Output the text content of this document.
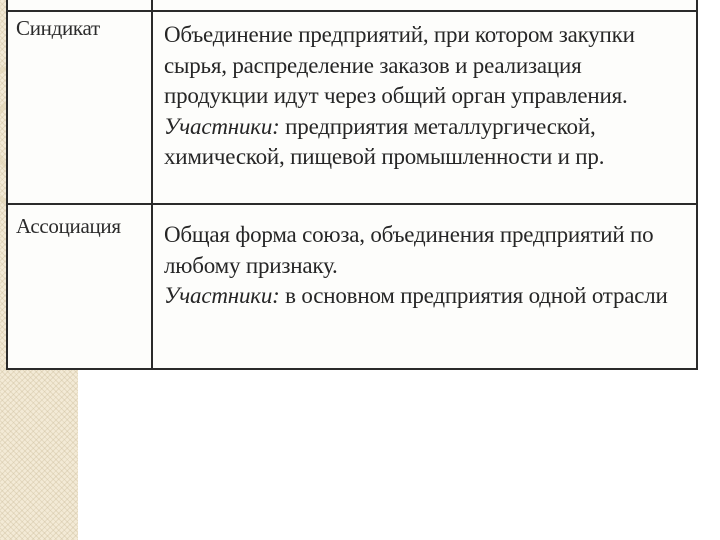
Синдикат	Объединение предприятий, при котором закупки сырья, распределение заказов и реализация продукции идут через общий орган управления.

Участники: предприятия металлургической, химической, пищевой промышленности и пр.

Ассоциация Общая форма союза, объединения предприятий по любому признаку.

Участники: в основном предприятия одной отрасли
